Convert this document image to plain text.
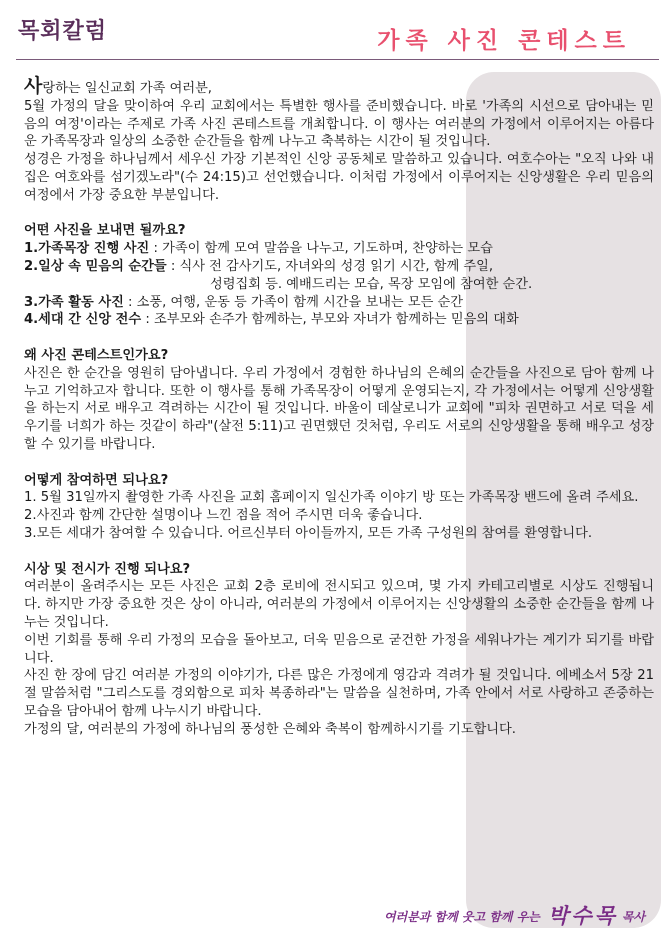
목회칼럼	가족 사진 콘테스트

사랑하는 일신교회 가족 여러분,

5월 가정의 달을 맞이하여 우리 교회에서는 특별한 행사를 준비했습니다. 바로 '가족의 시선으로 담아내는 믿음의 여정'이라는 주제로 가족 사진 콘테스트를 개최합니다. 이 행사는 여러분의 가정에서 이루어지는 아름다운 가족목장과 일상의 소중한 순간들을 함께 나누고 축복하는 시간이 될 것입니다.

성경은 가정을 하나님께서 세우신 가장 기본적인 신앙 공동체로 말씀하고 있습니다. 여호수아는 "오직 나와 내 집은 여호와를 섬기겠노라"(수 24:15)고 선언했습니다. 이처럼 가정에서 이루어지는 신앙생활은 우리 믿음의 여정에서 가장 중요한 부분입니다.

어떤 사진을 보내면 될까요?

1.가족목장 진행 사진 : 가족이 함께 모여 말씀을 나누고, 기도하며, 찬양하는 모습

2.일상 속 믿음의 순간들 : 식사 전 감사기도, 자녀와의 성경 읽기 시간, 함께 주일,
성령집회 등. 예배드리는 모습, 목장 모임에 참여한 순간.

3.가족 활동 사진 : 소풍, 여행, 운동 등 가족이 함께 시간을 보내는 모든 순간

4.세대 간 신앙 전수 : 조부모와 손주가 함께하는, 부모와 자녀가 함께하는 믿음의 대화

왜 사진 콘테스트인가요?

사진은 한 순간을 영원히 담아냅니다. 우리 가정에서 경험한 하나님의 은혜의 순간들을 사진으로 담아 함께 나누고 기억하고자 합니다. 또한 이 행사를 통해 가족목장이 어떻게 운영되는지, 각 가정에서는 어떻게 신앙생활을 하는지 서로 배우고 격려하는 시간이 될 것입니다. 바울이 데살로니가 교회에 "피차 권면하고 서로 덕을 세우기를 너희가 하는 것같이 하라"(살전 5:11)고 권면했던 것처럼, 우리도 서로의 신앙생활을 통해 배우고 성장할 수 있기를 바랍니다.

어떻게 참여하면 되나요?

1. 5월 31일까지 촬영한 가족 사진을 교회 홈페이지 일신가족 이야기 방 또는 가족목장 밴드에 올려 주세요.

2.사진과 함께 간단한 설명이나 느낀 점을 적어 주시면 더욱 좋습니다.

3.모든 세대가 참여할 수 있습니다. 어르신부터 아이들까지, 모든 가족 구성원의 참여를 환영합니다.

시상 및 전시가 진행 되나요?

여러분이 올려주시는 모든 사진은 교회 2층 로비에 전시되고 있으며, 몇 가지 카테고리별로 시상도 진행됩니다. 하지만 가장 중요한 것은 상이 아니라, 여러분의 가정에서 이루어지는 신앙생활의 소중한 순간들을 함께 나누는 것입니다.

이번 기회를 통해 우리 가정의 모습을 돌아보고, 더욱 믿음으로 굳건한 가정을 세워나가는 계기가 되기를 바랍니다.

사진 한 장에 담긴 여러분 가정의 이야기가, 다른 많은 가정에게 영감과 격려가 될 것입니다. 에베소서 5장 21절 말씀처럼 "그리스도를 경외함으로 피차 복종하라"는 말씀을 실천하며, 가족 안에서 서로 사랑하고 존중하는 모습을 담아내어 함께 나누시기 바랍니다.

가정의 달, 여러분의 가정에 하나님의 풍성한 은혜와 축복이 함께하시기를 기도합니다.

여러분과 함께 웃고 함께 우는 박수목 목사
